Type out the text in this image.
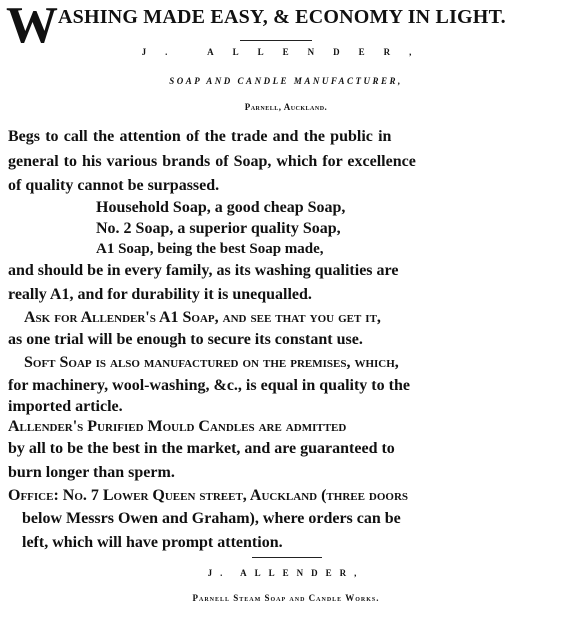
W ASHING MADE EASY, & ECONOMY IN LIGHT.
J. ALLENDER,
SOAP AND CANDLE MANUFACTURER,
Parnell, Auckland.
Begs to call the attention of the trade and the public in
general to his various brands of Soap, which for excellence
of quality cannot be surpassed.
Household Soap, a good cheap Soap,
No. 2 Soap, a superior quality Soap,
A1 Soap, being the best Soap made,
and should be in every family, as its washing qualities are
really A1, and for durability it is unequalled.
Ask for Allender's A1 Soap, and see that you get it,
as one trial will be enough to secure its constant use.
Soft Soap is also manufactured on the premises, which,
for machinery, wool-washing, &c., is equal in quality to the
imported article.
Allender's Purified Mould Candles are admitted
by all to be the best in the market, and are guaranteed to
burn longer than sperm.
Office: No. 7 Lower Queen street, Auckland (three doors
below Messrs Owen and Graham), where orders can be
left, which will have prompt attention.
J. ALLENDER,
Parnell Steam Soap and Candle Works.
